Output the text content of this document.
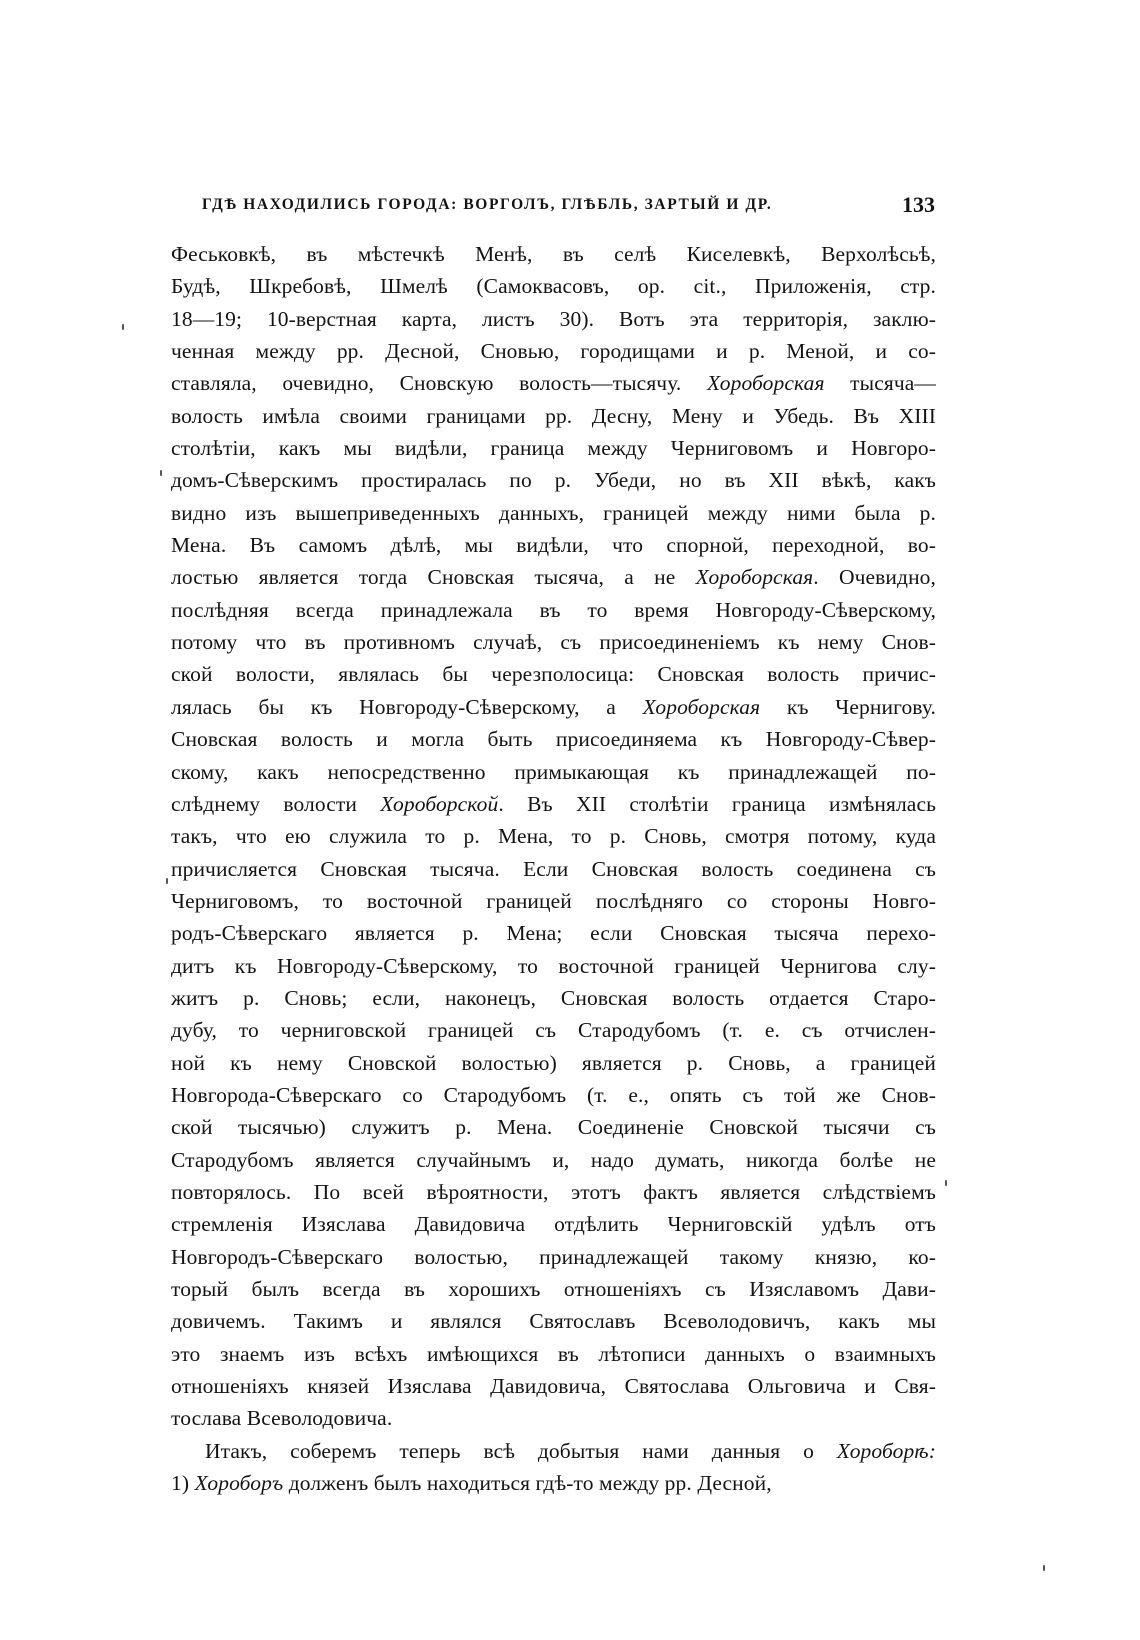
ГДѢ НАХОДИЛИСЬ ГОРОДА: ВОРГОЛЪ, ГЛѢБЛЬ, ЗАРТЫЙ И ДР.	133
Феськовкѣ, въ мѣстечкѣ Менѣ, въ селѣ Киселевкѣ, Верхолѣсьѣ,
Будѣ, Шкребовѣ, Шмелѣ (Самоквасовъ, ор. cit., Приложенія, стр.
18—19; 10-верстная карта, листъ 30). Вотъ эта территорія, заклю-
ченная между рр. Десной, Сновью, городищами и р. Меной, и со-
ставляла, очевидно, Сновскую волость—тысячу. Хороборская тысяча—
волость имѣла своими границами рр. Десну, Мену и Убедь. Въ XIII
столѣтіи, какъ мы видѣли, граница между Черниговомъ и Новгоро-
домъ-Сѣверскимъ простиралась по р. Убеди, но въ XII вѣкѣ, какъ
видно изъ вышеприведенныхъ данныхъ, границей между ними была р.
Мена. Въ самомъ дѣлѣ, мы видѣли, что спорной, переходной, во-
лостью является тогда Сновская тысяча, а не Хороборская. Очевидно,
послѣдняя всегда принадлежала въ то время Новгороду-Сѣверскому,
потому что въ противномъ случаѣ, съ присоединеніемъ къ нему Снов-
ской волости, являлась бы черезполосица: Сновская волость причис-
лялась бы къ Новгороду-Сѣверскому, а Хороборская къ Чернигову.
Сновская волость и могла быть присоединяема къ Новгороду-Сѣвер-
скому, какъ непосредственно примыкающая къ принадлежащей по-
слѣднему волости Хороборской. Въ XII столѣтіи граница измѣнялась
такъ, что ею служила то р. Мена, то р. Сновь, смотря потому, куда
причисляется Сновская тысяча. Если Сновская волость соединена съ
Черниговомъ, то восточной границей послѣдняго со стороны Новго-
родъ-Сѣверскаго является р. Мена; если Сновская тысяча перехо-
дитъ къ Новгороду-Сѣверскому, то восточной границей Чернигова слу-
житъ р. Сновь; если, наконецъ, Сновская волость отдается Старо-
дубу, то черниговской границей съ Стародубомъ (т. е. съ отчислен-
ной къ нему Сновской волостью) является р. Сновь, а границей
Новгорода-Сѣверскаго со Стародубомъ (т. е., опять съ той же Снов-
ской тысячью) служитъ р. Мена. Соединеніе Сновской тысячи съ
Стародубомъ является случайнымъ и, надо думать, никогда болѣе не
повторялось. По всей вѣроятности, этотъ фактъ является слѣдствіемъ
стремленія Изяслава Давидовича отдѣлить Черниговскій удѣлъ отъ
Новгородъ-Сѣверскаго волостью, принадлежащей такому князю, ко-
торый былъ всегда въ хорошихъ отношеніяхъ съ Изяславомъ Дави-
довичемъ. Такимъ и являлся Святославъ Всеволодовичъ, какъ мы
это знаемъ изъ всѣхъ имѣющихся въ лѣтописи данныхъ о взаимныхъ
отношеніяхъ князей Изяслава Давидовича, Святослава Ольговича и Свя-
тослава Всеволодовича.
Итакъ, соберемъ теперь всѣ добытыя нами данныя о Хороборѣ:
1) Хороборъ долженъ былъ находиться гдѣ-то между рр. Десной,
